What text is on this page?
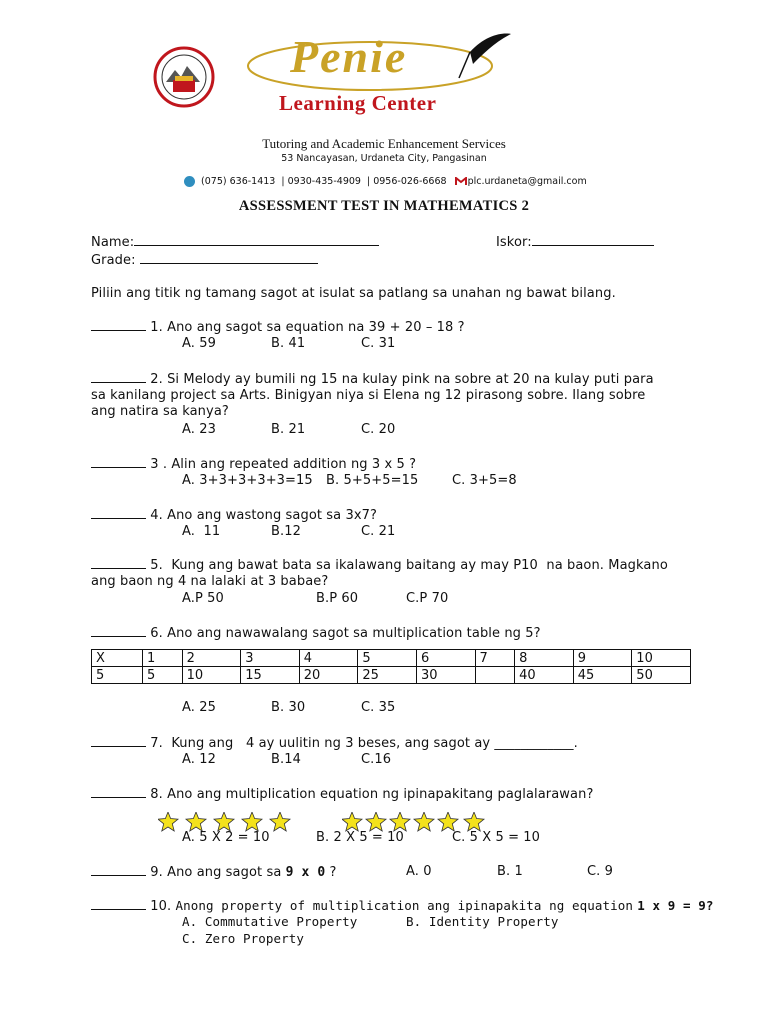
Penie
Learning Center
Tutoring and Academic Enhancement Services
53 Nancayasan, Urdaneta City, Pangasinan

(075) 636-1413  | 0930-435-4909  | 0956-026-6668 plc.urdaneta@gmail.com

ASSESSMENT TEST IN MATHEMATICS 2
Name:	Iskor:
Grade:
Piliin ang titik ng tamang sagot at isulat sa patlang sa unahan ng bawat bilang.
1. Ano ang sagot sa equation na 39 + 20 – 18 ?
A. 59	B. 41	C. 31
2. Si Melody ay bumili ng 15 na kulay pink na sobre at 20 na kulay puti para
sa kanilang project sa Arts. Binigyan niya si Elena ng 12 pirasong sobre. Ilang sobre
ang natira sa kanya?
A. 23	B. 21	C. 20
3 . Alin ang repeated addition ng 3 x 5 ?
A. 3+3+3+3+3=15 B. 5+5+5=15	C. 3+5=8
4. Ano ang wastong sagot sa 3x7?
A.  11	B.12	C. 21
5. Kung ang bawat bata sa ikalawang baitang ay may P10  na baon. Magkano
ang baon ng 4 na lalaki at 3 babae?
A.P 50	B.P 60	C.P 70
6. Ano ang nawawalang sagot sa multiplication table ng 5?
X	1	2	3	4	5	6	7	8	9	10
5	5	10	15	20	25	30		40	45	50
A. 25	B. 30	C. 35
7. Kung ang   4 ay uulitin ng 3 beses, ang sagot ay ____________.
A. 12	B.14	C.16
8. Ano ang multiplication equation ng ipinapakitang paglalarawan?
A. 5 X 2 = 10	B. 2 X 5 = 10	C. 5 X 5 = 10
9. Ano ang sagot sa 9 x 0 ?	A. 0	B. 1	C. 9
10. Anong property of multiplication ang ipinapakita ng equation 1 x 9 = 9?
A. Commutative Property	B. Identity Property
C. Zero Property
